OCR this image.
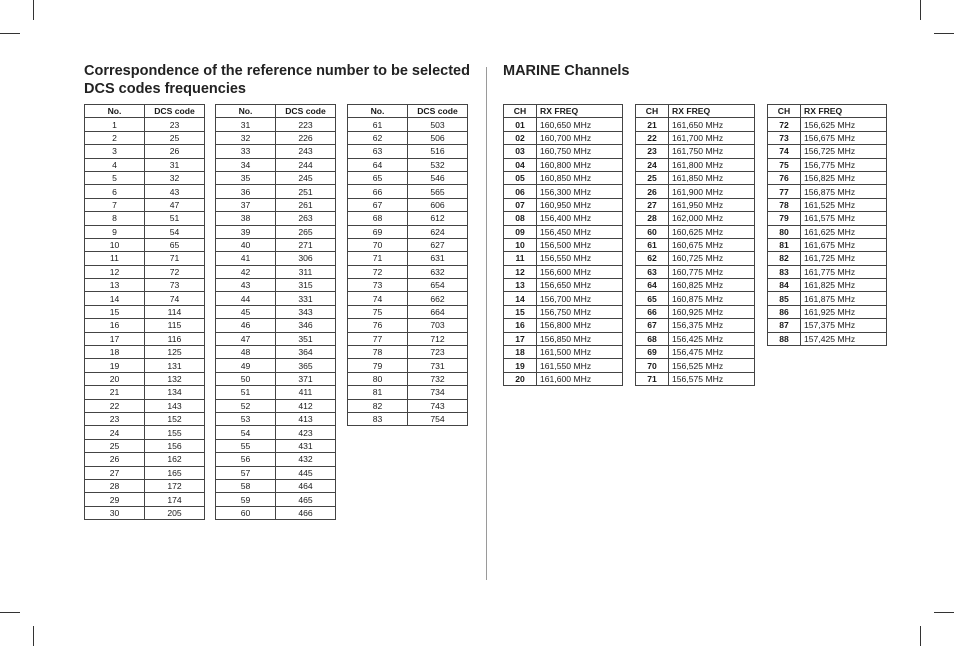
Correspondence of the reference number to be selected DCS codes frequencies
MARINE Channels
No.	DCS code
1	23
2	25
3	26
4	31
5	32
6	43
7	47
8	51
9	54
10	65
11	71
12	72
13	73
14	74
15	114
16	115
17	116
18	125
19	131
20	132
21	134
22	143
23	152
24	155
25	156
26	162
27	165
28	172
29	174
30	205
No.	DCS code
31	223
32	226
33	243
34	244
35	245
36	251
37	261
38	263
39	265
40	271
41	306
42	311
43	315
44	331
45	343
46	346
47	351
48	364
49	365
50	371
51	411
52	412
53	413
54	423
55	431
56	432
57	445
58	464
59	465
60	466
No.	DCS code
61	503
62	506
63	516
64	532
65	546
66	565
67	606
68	612
69	624
70	627
71	631
72	632
73	654
74	662
75	664
76	703
77	712
78	723
79	731
80	732
81	734
82	743
83	754
CH	RX FREQ
01	160,650 MHz
02	160,700 MHz
03	160,750 MHz
04	160,800 MHz
05	160,850 MHz
06	156,300 MHz
07	160,950 MHz
08	156,400 MHz
09	156,450 MHz
10	156,500 MHz
11	156,550 MHz
12	156,600 MHz
13	156,650 MHz
14	156,700 MHz
15	156,750 MHz
16	156,800 MHz
17	156,850 MHz
18	161,500 MHz
19	161,550 MHz
20	161,600 MHz
CH	RX FREQ
21	161,650 MHz
22	161,700 MHz
23	161,750 MHz
24	161,800 MHz
25	161,850 MHz
26	161,900 MHz
27	161,950 MHz
28	162,000 MHz
60	160,625 MHz
61	160,675 MHz
62	160,725 MHz
63	160,775 MHz
64	160,825 MHz
65	160,875 MHz
66	160,925 MHz
67	156,375 MHz
68	156,425 MHz
69	156,475 MHz
70	156,525 MHz
71	156,575 MHz
CH	RX FREQ
72	156,625 MHz
73	156,675 MHz
74	156,725 MHz
75	156,775 MHz
76	156,825 MHz
77	156,875 MHz
78	161,525 MHz
79	161,575 MHz
80	161,625 MHz
81	161,675 MHz
82	161,725 MHz
83	161,775 MHz
84	161,825 MHz
85	161,875 MHz
86	161,925 MHz
87	157,375 MHz
88	157,425 MHz
